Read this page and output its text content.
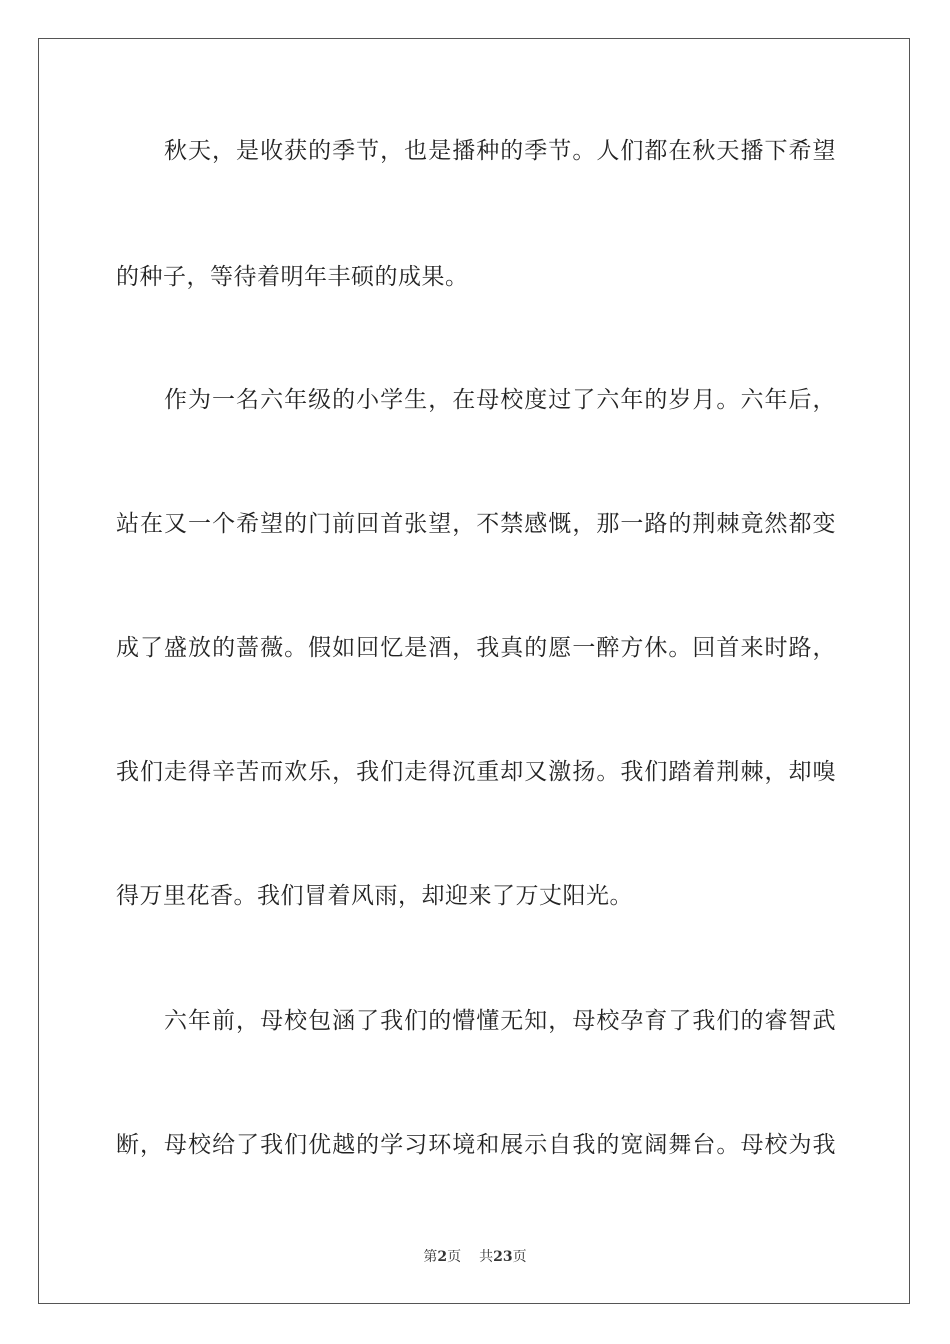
秋天，是收获的季节，也是播种的季节。人们都在秋天播下希望
的种子，等待着明年丰硕的成果。
作为一名六年级的小学生，在母校度过了六年的岁月。六年后，
站在又一个希望的门前回首张望，不禁感慨，那一路的荆棘竟然都变
成了盛放的蔷薇。假如回忆是酒，我真的愿一醉方休。回首来时路，
我们走得辛苦而欢乐，我们走得沉重却又激扬。我们踏着荆棘，却嗅
得万里花香。我们冒着风雨，却迎来了万丈阳光。
六年前，母校包涵了我们的懵懂无知，母校孕育了我们的睿智武
断，母校给了我们优越的学习环境和展示自我的宽阔舞台。母校为我
第2页 共23页
